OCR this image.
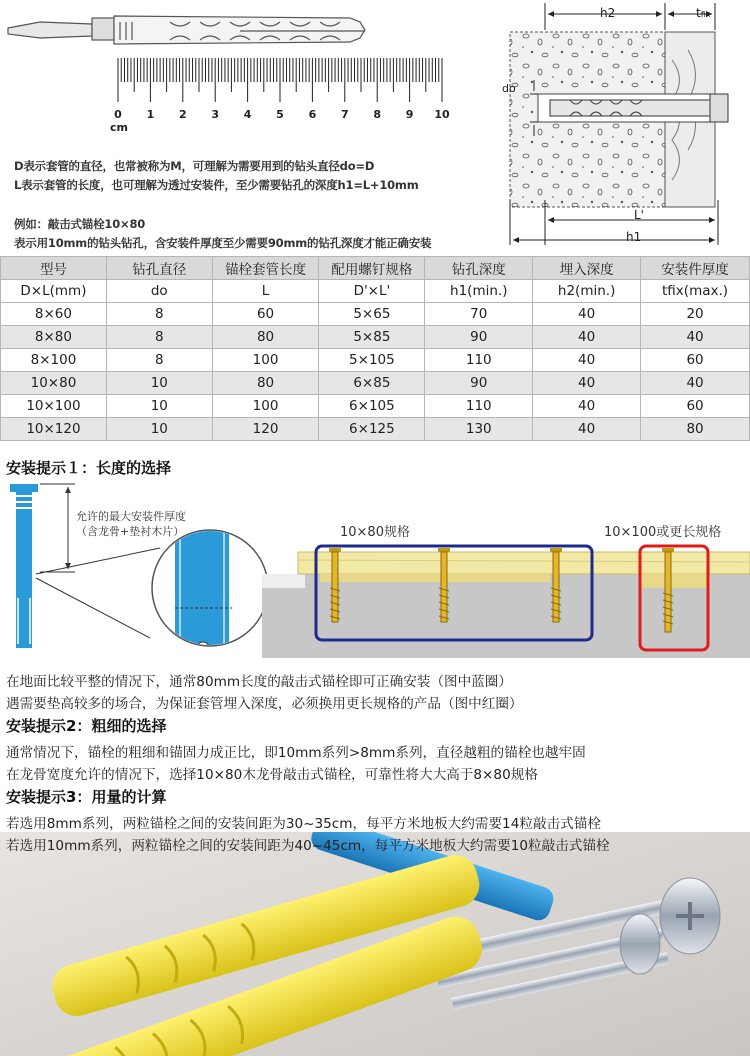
0	1	2	3	4	5	6	7	8	9	10
cm
h2	tfix
do
L'
h1
D表示套管的直径，也常被称为M，可理解为需要用到的钻头直径do=D
L表示套管的长度，也可理解为透过安装件，至少需要钻孔的深度h1=L+10mm
例如：敲击式锚栓10×80
表示用10mm的钻头钻孔，含安装件厚度至少需要90mm的钻孔深度才能正确安装
型号	钻孔直径	锚栓套管长度	配用螺钉规格	钻孔深度	埋入深度	安装件厚度
D×L(mm)	do	L	D'×L'	h1(min.)	h2(min.)	tfix(max.)
8×60	8	60	5×65	70	40	20
8×80	8	80	5×85	90	40	40
8×100	8	100	5×105	110	40	60
10×80	10	80	6×85	90	40	40
10×100	10	100	6×105	110	40	60
10×120	10	120	6×125	130	40	80
安装提示１：长度的选择
允许的最大安装件厚度
（含龙骨+垫衬木片）	10×80规格	10×100或更长规格
在地面比较平整的情况下，通常80mm长度的敲击式锚栓即可正确安装（图中蓝圈）
遇需要垫高较多的场合，为保证套管埋入深度，必须换用更长规格的产品（图中红圈）
安装提示2：粗细的选择
通常情况下，锚栓的粗细和锚固力成正比，即10mm系列>8mm系列，直径越粗的锚栓也越牢固
在龙骨宽度允许的情况下，选择10×80木龙骨敲击式锚栓，可靠性将大大高于8×80规格
安装提示3：用量的计算
若选用8mm系列，两粒锚栓之间的安装间距为30~35cm，每平方米地板大约需要14粒敲击式锚栓
若选用10mm系列，两粒锚栓之间的安装间距为40~45cm，每平方米地板大约需要10粒敲击式锚栓
